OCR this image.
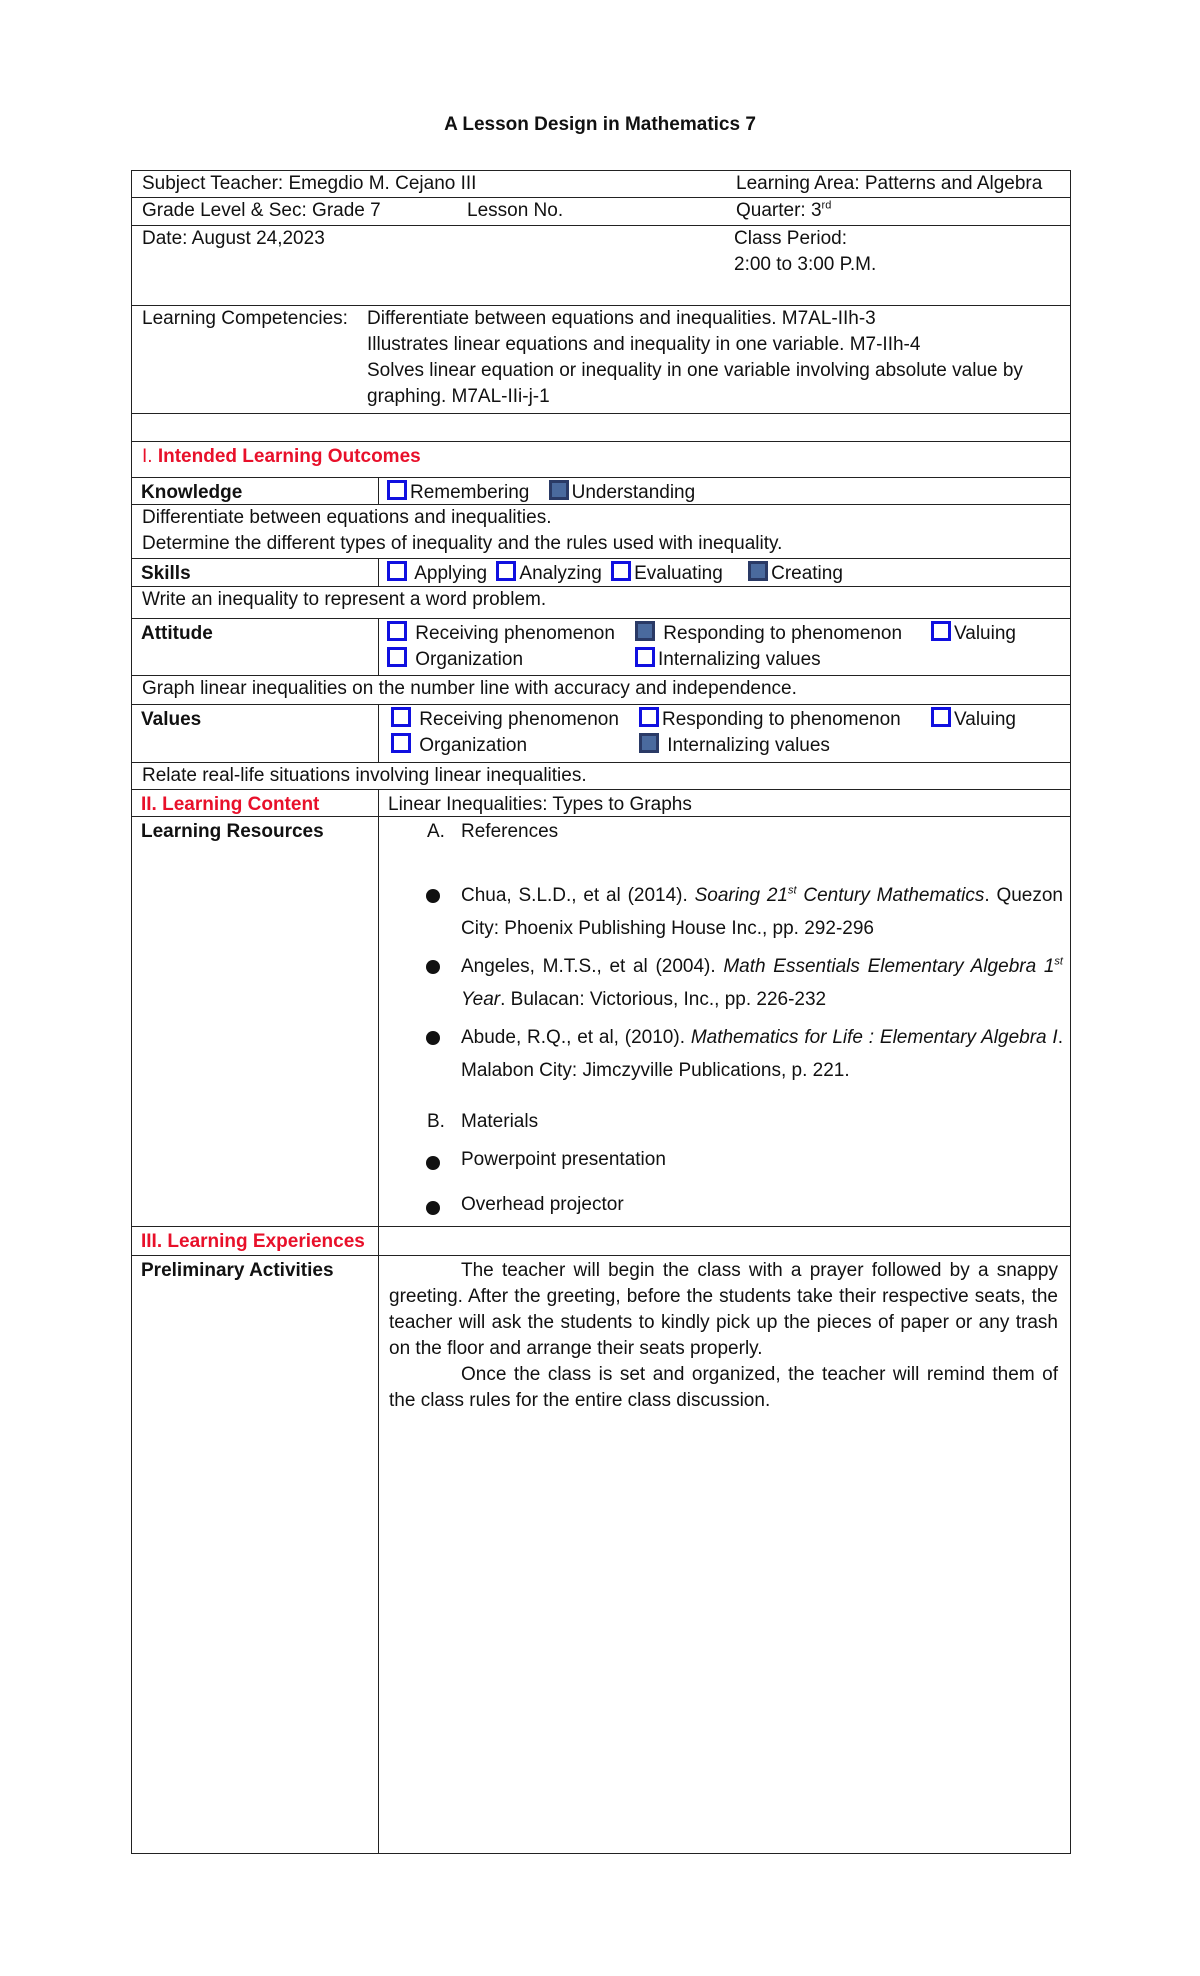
A Lesson Design in Mathematics 7
Subject Teacher: Emegdio M. Cejano III	Learning Area: Patterns and Algebra
Grade Level & Sec: Grade 7	Lesson No.	Quarter: 3rd
Date: August 24,2023	Class Period:
2:00 to 3:00 P.M.
Learning Competencies: Differentiate between equations and inequalities. M7AL-IIh-3
Illustrates linear equations and inequality in one variable. M7-IIh-4
Solves linear equation or inequality in one variable involving absolute value by
graphing. M7AL-IIi-j-1
I. Intended Learning Outcomes
Knowledge	Remembering Understanding
Differentiate between equations and inequalities.
Determine the different types of inequality and the rules used with inequality.
Skills	Applying Analyzing Evaluating	Creating
Write an inequality to represent a word problem.
Attitude	Receiving phenomenon	Responding to phenomenon	Valuing
Organization	Internalizing values
Graph linear inequalities on the number line with accuracy and independence.
Values	Receiving phenomenon	Responding to phenomenon	Valuing
Organization	Internalizing values
Relate real-life situations involving linear inequalities.
II. Learning Content	Linear Inequalities: Types to Graphs
Learning Resources	A. References
Chua, S.L.D., et al (2014). Soaring 21st Century Mathematics. Quezon City: Phoenix Publishing House Inc., pp. 292-296
Angeles, M.T.S., et al (2004). Math Essentials Elementary Algebra 1st Year. Bulacan: Victorious, Inc., pp. 226-232
Abude, R.Q., et al, (2010). Mathematics for Life : Elementary Algebra I. Malabon City: Jimczyville Publications, p. 221.
B. Materials
Powerpoint presentation
Overhead projector
III. Learning Experiences
Preliminary Activities	The teacher will begin the class with a prayer followed by a snappy greeting. After the greeting, before the students take their respective seats, the teacher will ask the students to kindly pick up the pieces of paper or any trash on the floor and arrange their seats properly.
Once the class is set and organized, the teacher will remind them of the class rules for the entire class discussion.
